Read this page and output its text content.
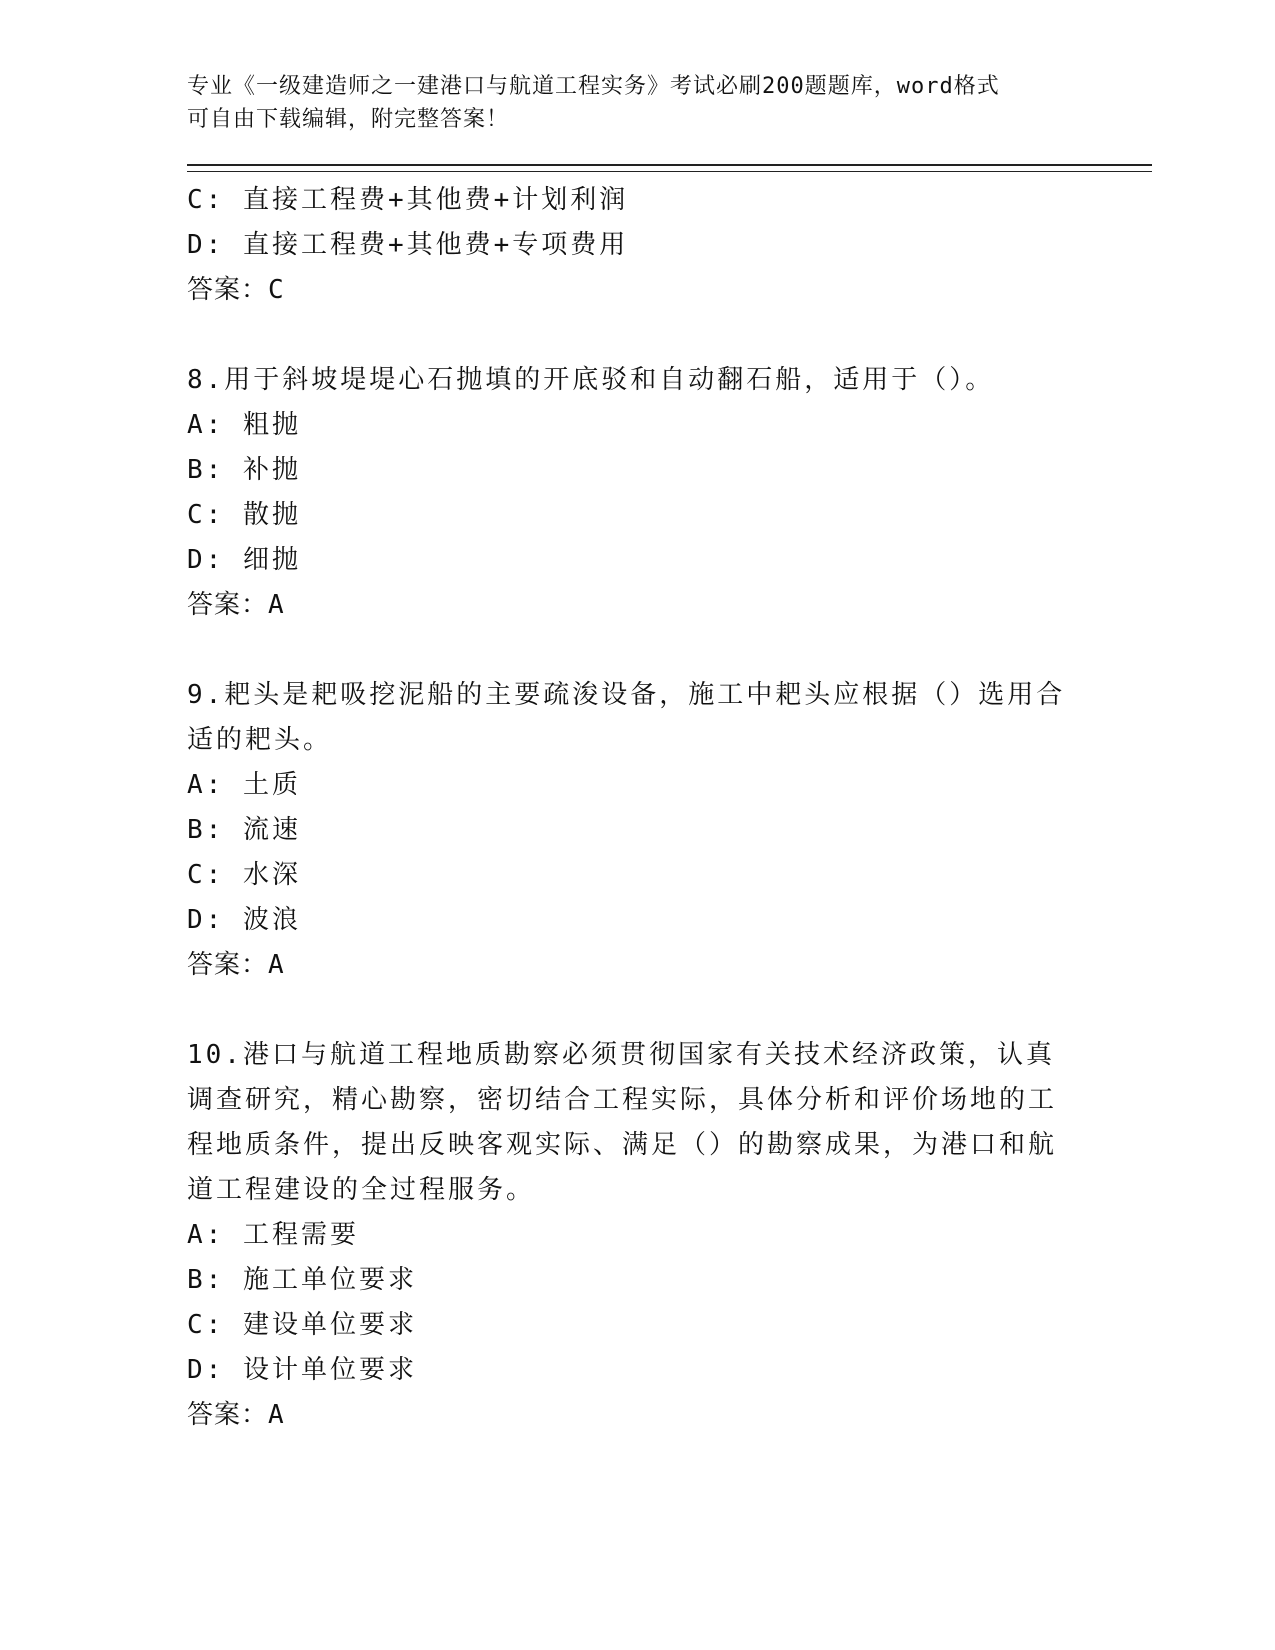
专业《一级建造师之一建港口与航道工程实务》考试必刷200题题库，word格式
可自由下载编辑，附完整答案！

C: 直接工程费+其他费+计划利润

D: 直接工程费+其他费+专项费用

答案：C

8.用于斜坡堤堤心石抛填的开底驳和自动翻石船，适用于（）。

A: 粗抛

B: 补抛

C: 散抛

D: 细抛

答案：A

9.耙头是耙吸挖泥船的主要疏浚设备，施工中耙头应根据（）选用合适的耙头。

A: 土质

B: 流速

C: 水深

D: 波浪

答案：A

10.港口与航道工程地质勘察必须贯彻国家有关技术经济政策，认真调查研究，精心勘察，密切结合工程实际，具体分析和评价场地的工程地质条件，提出反映客观实际、满足（）的勘察成果，为港口和航道工程建设的全过程服务。

A: 工程需要

B: 施工单位要求

C: 建设单位要求

D: 设计单位要求

答案：A
